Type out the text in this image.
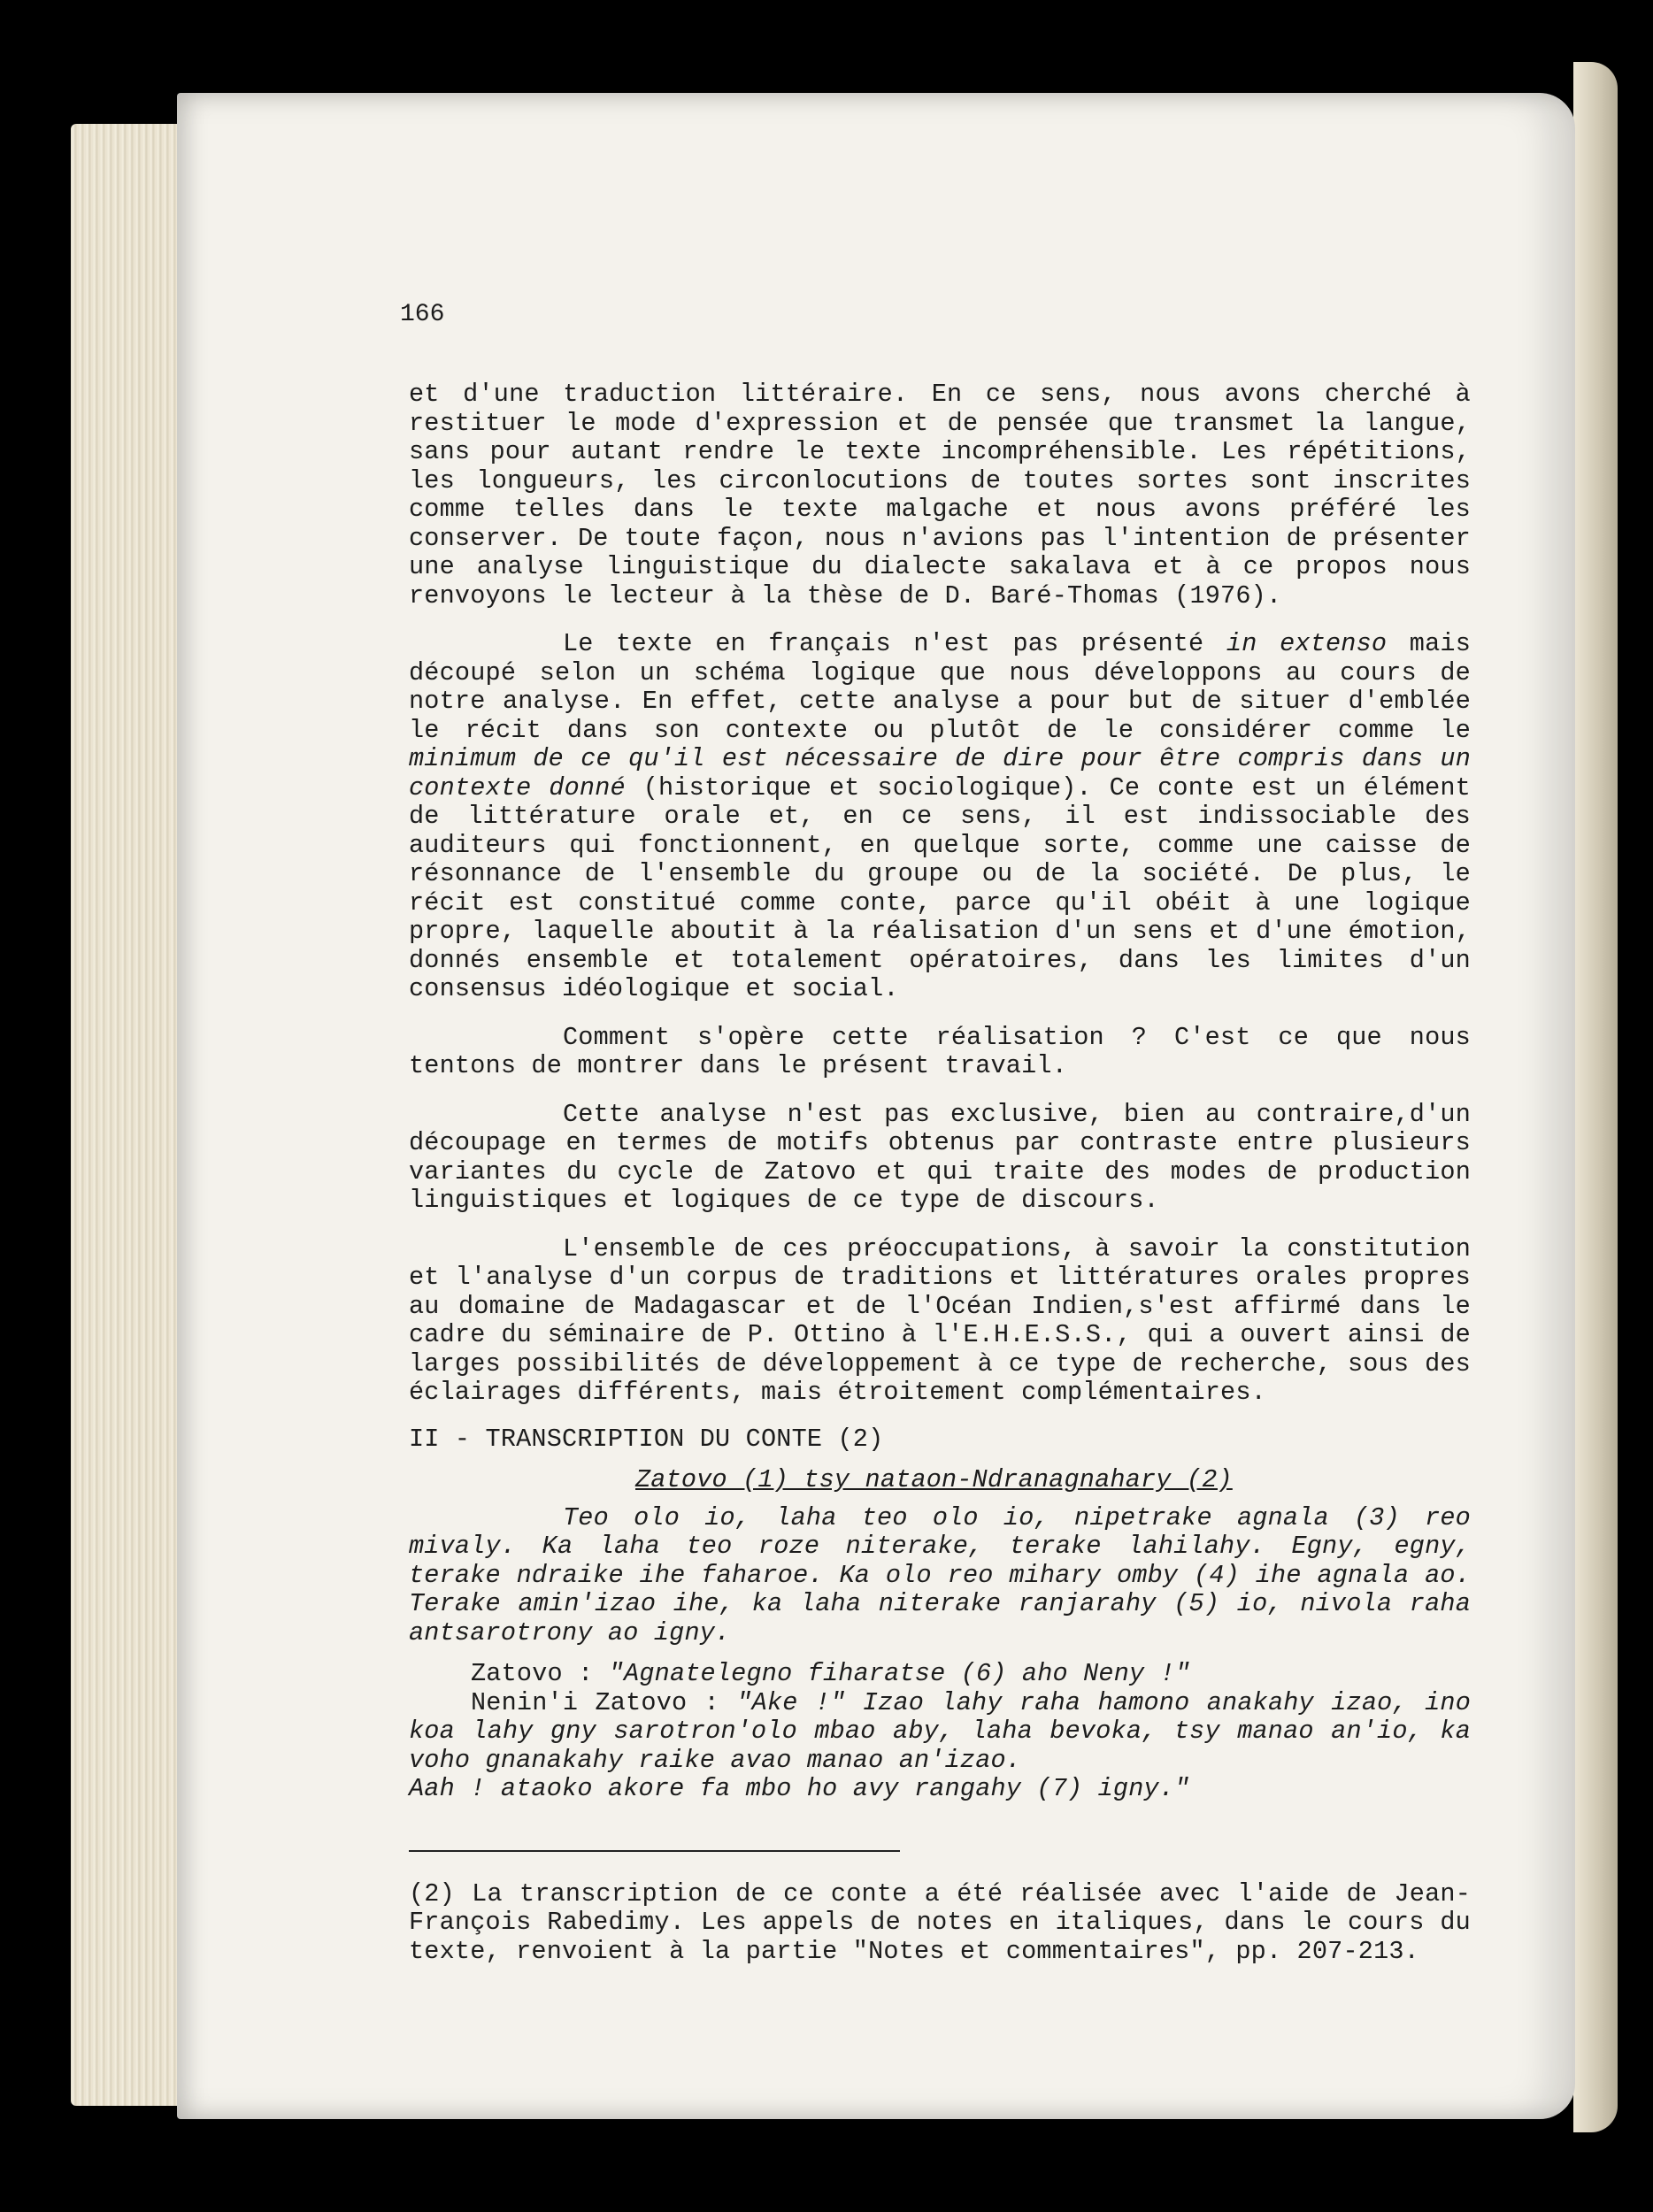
166

et d'une traduction littéraire. En ce sens, nous avons cherché à restituer le mode d'expression et de pensée que transmet la langue, sans pour autant rendre le texte incompréhensible. Les répétitions, les longueurs, les circonlocutions de toutes sortes sont inscrites comme telles dans le texte malgache et nous avons préféré les conserver. De toute façon, nous n'avions pas l'intention de présenter une analyse linguistique du dialecte sakalava et à ce propos nous renvoyons le lecteur à la thèse de D. Baré-Thomas (1976).

Le texte en français n'est pas présenté in extenso mais découpé selon un schéma logique que nous développons au cours de notre analyse. En effet, cette analyse a pour but de situer d'emblée le récit dans son contexte ou plutôt de le considérer comme le minimum de ce qu'il est nécessaire de dire pour être compris dans un contexte donné (historique et sociologique). Ce conte est un élément de littérature orale et, en ce sens, il est indissociable des auditeurs qui fonctionnent, en quelque sorte, comme une caisse de résonnance de l'ensemble du groupe ou de la société. De plus, le récit est constitué comme conte, parce qu'il obéit à une logique propre, laquelle aboutit à la réalisation d'un sens et d'une émotion, donnés ensemble et totalement opératoires, dans les limites d'un consensus idéologique et social.

Comment s'opère cette réalisation ? C'est ce que nous tentons de montrer dans le présent travail.

Cette analyse n'est pas exclusive, bien au contraire,d'un découpage en termes de motifs obtenus par contraste entre plusieurs variantes du cycle de Zatovo et qui traite des modes de production linguistiques et logiques de ce type de discours.

L'ensemble de ces préoccupations, à savoir la constitution et l'analyse d'un corpus de traditions et littératures orales propres au domaine de Madagascar et de l'Océan Indien,s'est affirmé dans le cadre du séminaire de P. Ottino à l'E.H.E.S.S., qui a ouvert ainsi de larges possibilités de développement à ce type de recherche, sous des éclairages différents, mais étroitement complémentaires.

II - TRANSCRIPTION DU CONTE (2)

Zatovo (1) tsy nataon-Ndranagnahary (2)

Teo olo io, laha teo olo io, nipetrake agnala (3) reo mivaly. Ka laha teo roze niterake, terake lahilahy. Egny, egny, terake ndraike ihe faharoe. Ka olo reo mihary omby (4) ihe agnala ao. Terake amin'izao ihe, ka laha niterake ranjarahy (5) io, nivola raha antsarotrony ao igny.

Zatovo : "Agnatelegno fiharatse (6) aho Neny !"

Nenin'i Zatovo : "Ake !" Izao lahy raha hamono anakahy izao, ino koa lahy gny sarotron'olo mbao aby, laha bevoka, tsy manao an'io, ka voho gnanakahy raike avao manao an'izao.

Aah ! ataoko akore fa mbo ho avy rangahy (7) igny."

(2) La transcription de ce conte a été réalisée avec l'aide de Jean-François Rabedimy. Les appels de notes en italiques, dans le cours du texte, renvoient à la partie "Notes et commentaires", pp. 207-213.
